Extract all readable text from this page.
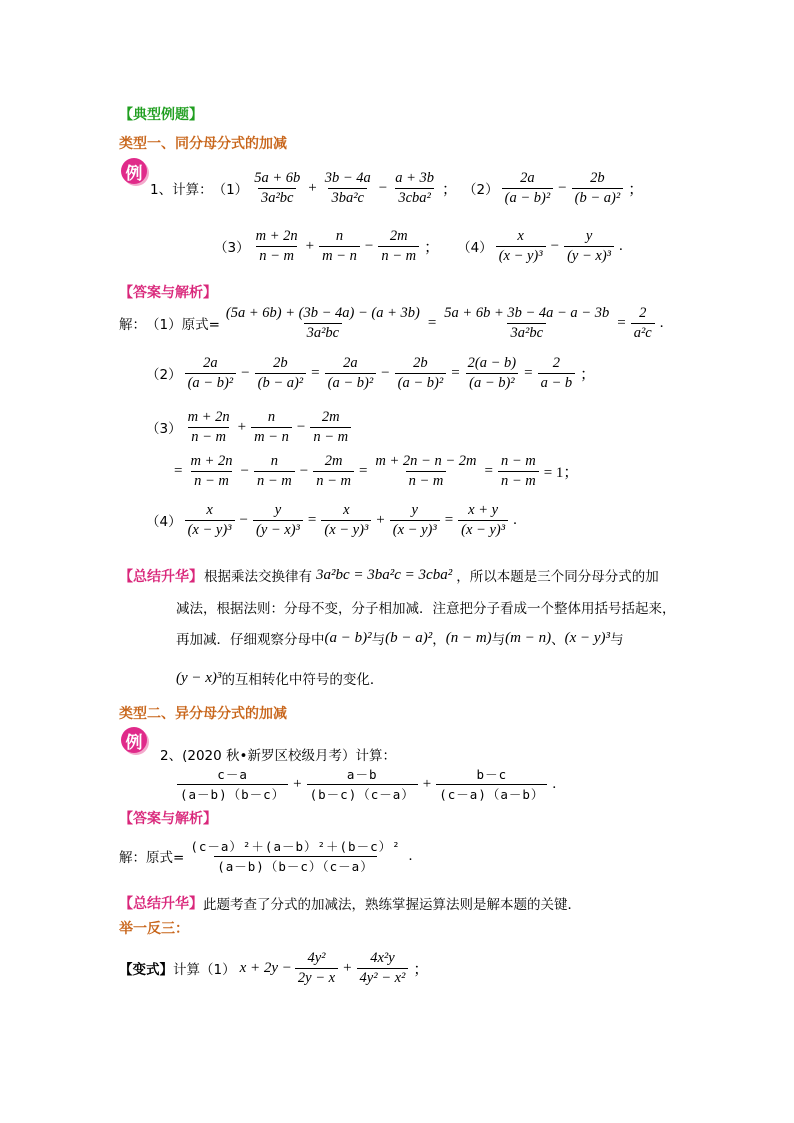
【典型例题】
类型一、同分母分式的加减
例
1、计算： $(1) \frac{5a + 6b}{\text{3a²bc}} + \frac{3b - 4a}{\text{3ba²c}} - \frac{a + 3b}{\text{3cba²}}$ ； $(2) \frac{2a}{\text{(a − b)²}} - \frac{2b}{\text{(b − a)²}}$ ；
$(3) \frac{m + 2n}{n - m} + \frac{n}{m - n} - \frac{2m}{n - m}$ ； $(4) \frac{x}{\text{(x − y)³}} - \frac{y}{\text{(y − x)³}}$ .
【答案与解析】
解： （1）原式= $\frac{(5a + 6b) + (3b - 4a) - (a + 3b)}{\text{3a²bc}} = \frac{5a + 6b + 3b - 4a - a - 3b}{\text{3a²bc}} = \frac{2}{\text{a²c}}$ .
$(2) \frac{2a}{\text{(a − b)²}} - \frac{2b}{\text{(b − a)²}} = \frac{2a}{\text{(a − b)²}} - \frac{2b}{\text{(a − b)²}} = \frac{2(a - b)}{\text{(a − b)²}} = \frac{2}{a - b}$ ；
$(3) \frac{m + 2n}{n - m} + \frac{n}{m - n} - \frac{2m}{n - m}$
= $\frac{m + 2n}{n - m} - \frac{n}{n - m} - \frac{2m}{n - m} = \frac{m + 2n - n - 2m}{n - m} = \frac{n - m}{n - m} = 1$；
$(4) \frac{x}{\text{(x − y)³}} - \frac{y}{\text{(y − x)³}} = \frac{x}{\text{(x − y)³}} + \frac{y}{\text{(x − y)³}} = \frac{x + y}{\text{(x − y)³}}$ .
【总结升华】 根据乘法交换律有 3a²bc = 3ba²c = 3cba² ，所以本题是三个同分母分式的加
减法，根据法则：分母不变，分子相加减．注意把分子看成一个整体用括号括起来，
再加减．仔细观察分母中 (a − b)² 与 (b − a)² ， (n − m) 与 (m − n) 、 (x − y)³ 与
(y − x)³ 的互相转化中符号的变化．
类型二、异分母分式的加减
例
2、(2020 秋•新罗区校级月考）计算：
$\frac{c-a}{(a-b)(b-c)} + \frac{a-b}{(b-c)(c-a)} + \frac{b-c}{(c-a)(a-b)}$ .
【答案与解析】
解：原式= $\frac{\text{(c－a）²＋(a－b）²＋(b－c）²}}{(a-b)(b-c)(c-a)}$ .
【总结升华】 此题考查了分式的加减法，熟练掌握运算法则是解本题的关键．
举一反三：
【变式】 计算（1） $x + 2y - \frac{\text{4y²}}{2y - x} + \frac{\text{4x²y}}{\text{4y² − x²}}$ ；
